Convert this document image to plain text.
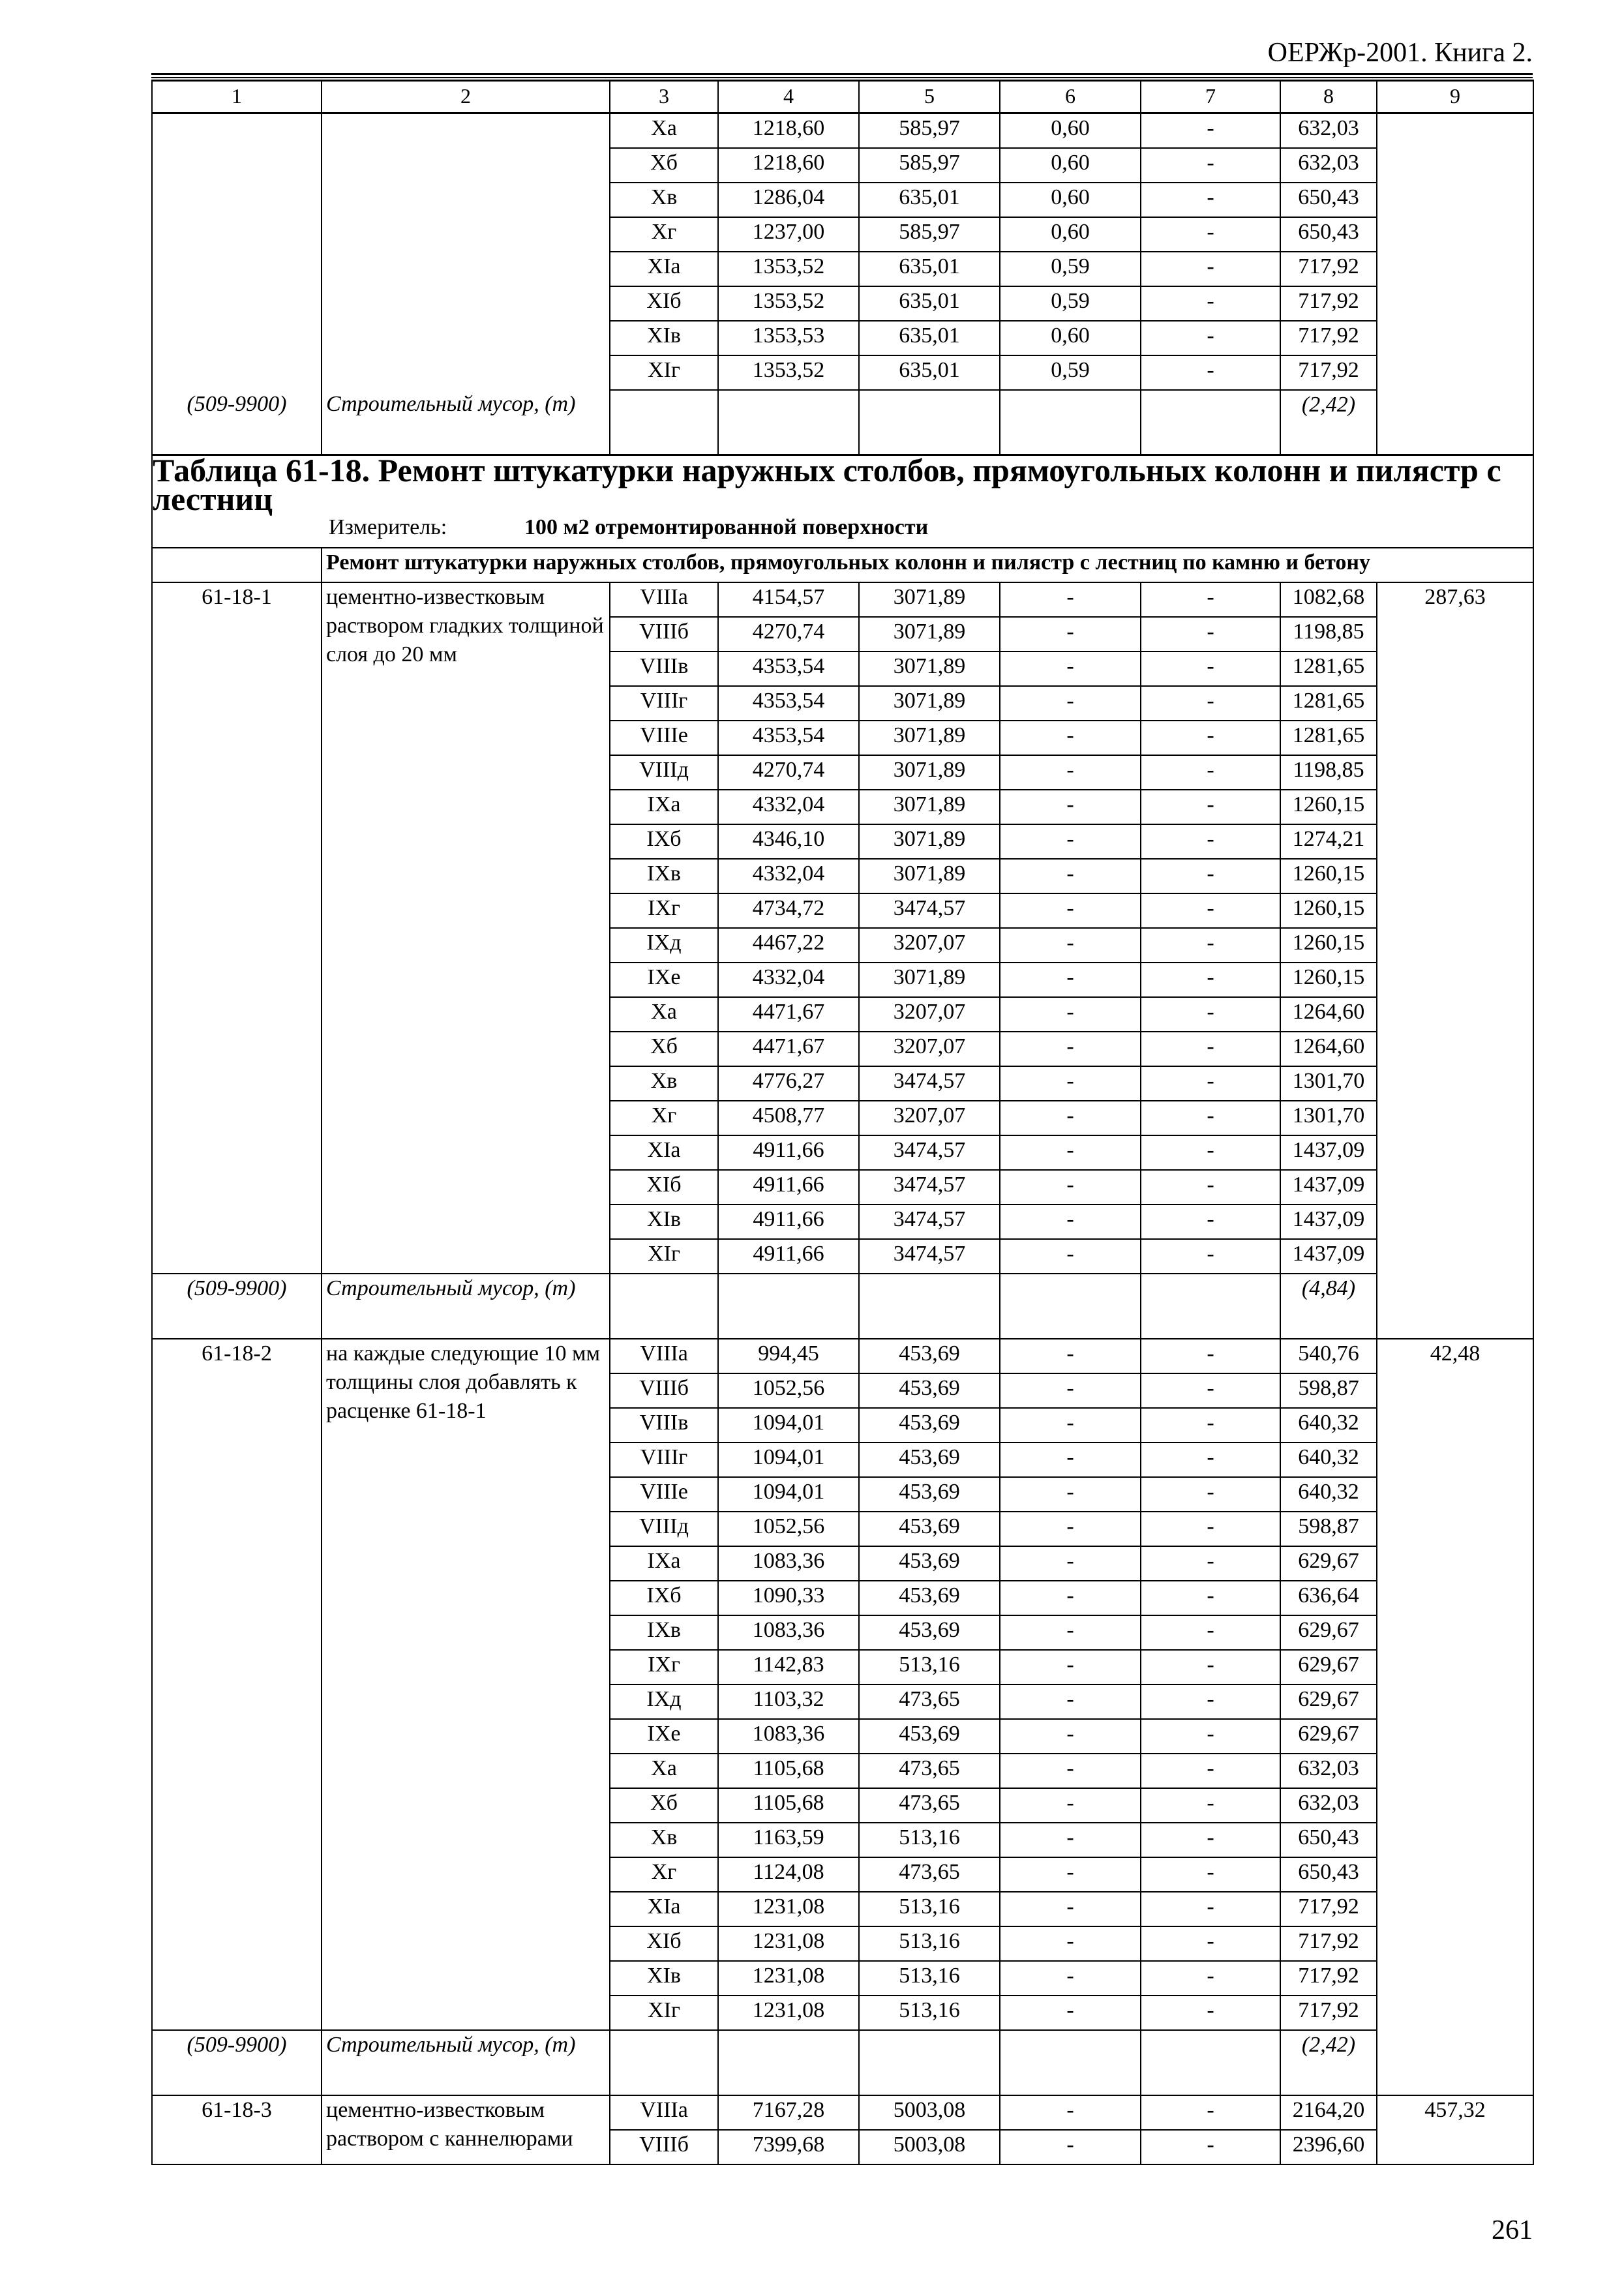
ОЕРЖр-2001. Книга 2.
1	2	3	4	5	6	7	8	9
		Xа	1218,60	585,97	0,60	-	632,03	
		Xб	1218,60	585,97	0,60	-	632,03	
		Xв	1286,04	635,01	0,60	-	650,43	
		Xг	1237,00	585,97	0,60	-	650,43	
		XIа	1353,52	635,01	0,59	-	717,92	
		XIб	1353,52	635,01	0,59	-	717,92	
		XIв	1353,53	635,01	0,60	-	717,92	
		XIг	1353,52	635,01	0,59	-	717,92	
(509-9900)	Строительный мусор, (т)						(2,42)	
Таблица 61-18. Ремонт штукатурки наружных столбов, прямоугольных колонн и пилястр с лестниц								
Измеритель: 100 м2 отремонтированной поверхности								
	Ремонт штукатурки наружных столбов, прямоугольных колонн и пилястр с лестниц по камню и бетону							
61-18-1	цементно-известковым раствором гладких толщиной слоя до 20 мм	VIIIа	4154,57	3071,89	-	-	1082,68	287,63
		VIIIб	4270,74	3071,89	-	-	1198,85	
		VIIIв	4353,54	3071,89	-	-	1281,65	
		VIIIг	4353,54	3071,89	-	-	1281,65	
		VIIIе	4353,54	3071,89	-	-	1281,65	
		VIIIд	4270,74	3071,89	-	-	1198,85	
		IXа	4332,04	3071,89	-	-	1260,15	
		IXб	4346,10	3071,89	-	-	1274,21	
		IXв	4332,04	3071,89	-	-	1260,15	
		IXг	4734,72	3474,57	-	-	1260,15	
		IXд	4467,22	3207,07	-	-	1260,15	
		IXе	4332,04	3071,89	-	-	1260,15	
		Xа	4471,67	3207,07	-	-	1264,60	
		Xб	4471,67	3207,07	-	-	1264,60	
		Xв	4776,27	3474,57	-	-	1301,70	
		Xг	4508,77	3207,07	-	-	1301,70	
		XIа	4911,66	3474,57	-	-	1437,09	
		XIб	4911,66	3474,57	-	-	1437,09	
		XIв	4911,66	3474,57	-	-	1437,09	
		XIг	4911,66	3474,57	-	-	1437,09	
(509-9900)	Строительный мусор, (т)						(4,84)	
61-18-2	на каждые следующие 10 мм толщины слоя добавлять к расценке 61-18-1	VIIIа	994,45	453,69	-	-	540,76	42,48
		VIIIб	1052,56	453,69	-	-	598,87	
		VIIIв	1094,01	453,69	-	-	640,32	
		VIIIг	1094,01	453,69	-	-	640,32	
		VIIIе	1094,01	453,69	-	-	640,32	
		VIIIд	1052,56	453,69	-	-	598,87	
		IXа	1083,36	453,69	-	-	629,67	
		IXб	1090,33	453,69	-	-	636,64	
		IXв	1083,36	453,69	-	-	629,67	
		IXг	1142,83	513,16	-	-	629,67	
		IXд	1103,32	473,65	-	-	629,67	
		IXе	1083,36	453,69	-	-	629,67	
		Xа	1105,68	473,65	-	-	632,03	
		Xб	1105,68	473,65	-	-	632,03	
		Xв	1163,59	513,16	-	-	650,43	
		Xг	1124,08	473,65	-	-	650,43	
		XIа	1231,08	513,16	-	-	717,92	
		XIб	1231,08	513,16	-	-	717,92	
		XIв	1231,08	513,16	-	-	717,92	
		XIг	1231,08	513,16	-	-	717,92	
(509-9900)	Строительный мусор, (т)						(2,42)	
61-18-3	цементно-известковым раствором с каннелюрами	VIIIа	7167,28	5003,08	-	-	2164,20	457,32
		VIIIб	7399,68	5003,08	-	-	2396,60	
261
